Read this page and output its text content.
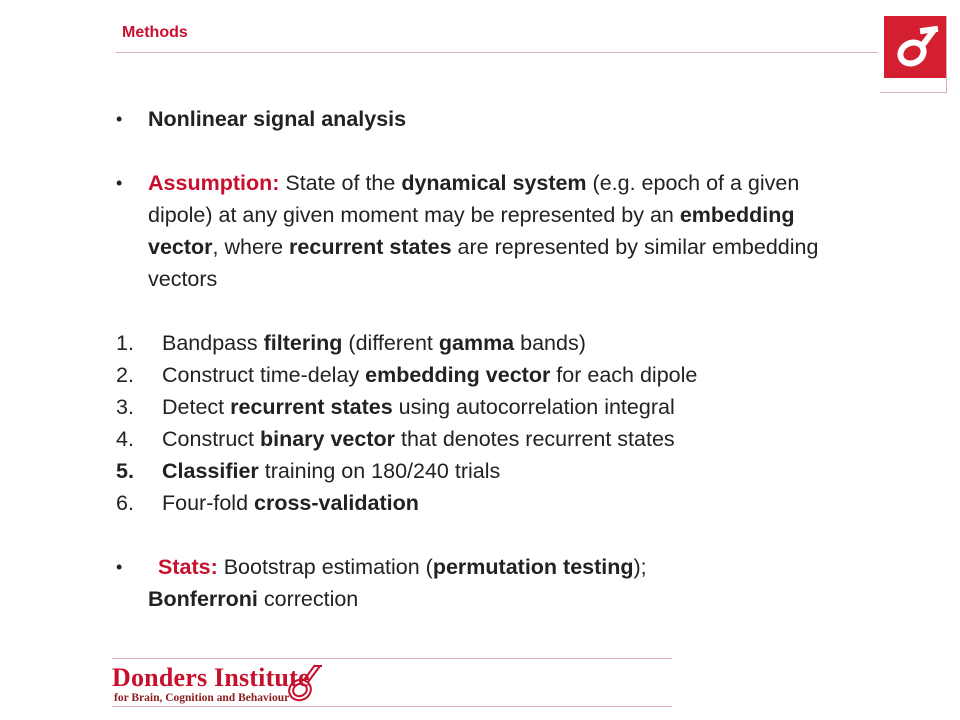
Methods
•	Nonlinear signal analysis
•	Assumption: State of the dynamical system (e.g. epoch of a given dipole) at any given moment may be represented by an embedding vector, where recurrent states are represented by similar embedding vectors
1.	Bandpass filtering (different gamma bands)
2.	Construct time-delay embedding vector for each dipole
3.	Detect recurrent states using autocorrelation integral
4.	Construct binary vector that denotes recurrent states
5.	Classifier training on 180/240 trials
6.	Four-fold cross-validation
•	Stats: Bootstrap estimation (permutation testing);
Bonferroni correction
Donders Institute
for Brain, Cognition and Behaviour
